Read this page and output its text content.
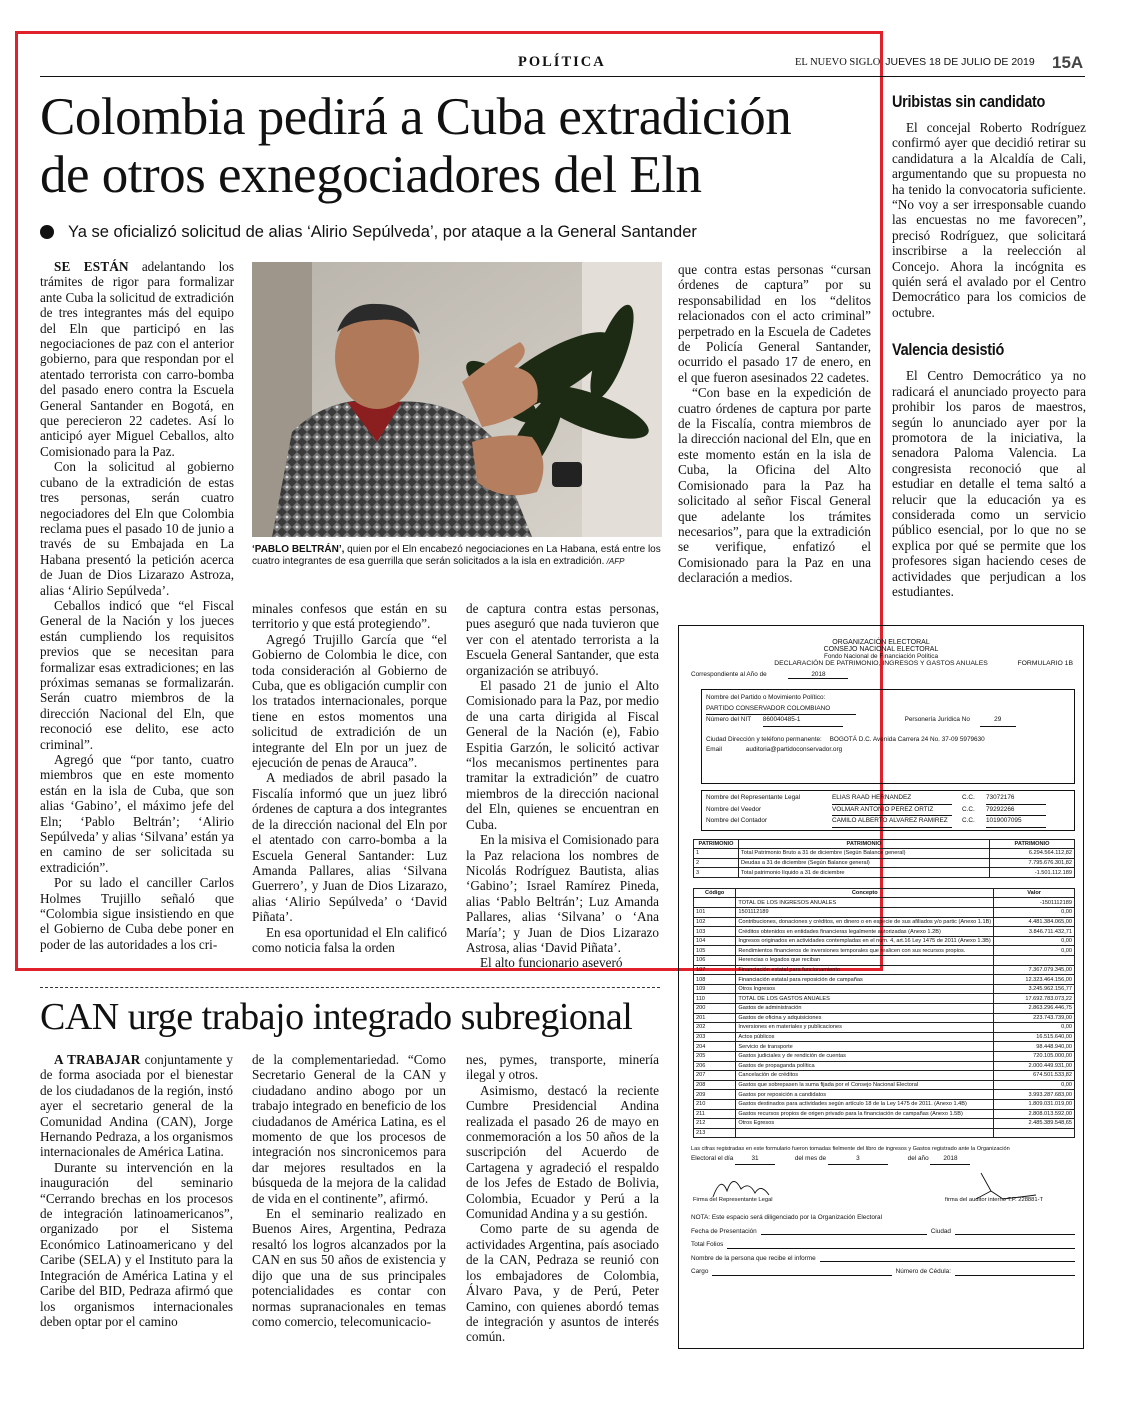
POLÍTICA	EL NUEVO SIGLO JUEVES 18 DE JULIO DE 2019 15A
Colombia pedirá a Cuba extradición
de otros exnegociadores del Eln
Ya se oficializó solicitud de alias ‘Alirio Sepúlveda’, por ataque a la General Santander

SE ESTÁN adelantando los trámites de rigor para formalizar ante Cuba la solicitud de extradición de tres integrantes más del equipo del Eln que participó en las negociaciones de paz con el anterior gobierno, para que respondan por el atentado terrorista con carro-bomba del pasado enero contra la Escuela General Santander en Bogotá, en que perecieron 22 cadetes. Así lo anticipó ayer Miguel Ceballos, alto Comisionado para la Paz.

Con la solicitud al gobierno cubano de la extradición de estas tres personas, serán cuatro negociadores del Eln que Colombia reclama pues el pasado 10 de junio a través de su Embajada en La Habana presentó la petición acerca de Juan de Dios Lizarazo Astroza, alias ‘Alirio Sepúlveda’.

Ceballos indicó que “el Fiscal General de la Nación y los jueces están cumpliendo los requisitos previos que se necesitan para formalizar esas extradiciones; en las próximas semanas se formalizarán. Serán cuatro miembros de la dirección Nacional del Eln, que reconoció ese delito, ese acto criminal”.

Agregó que “por tanto, cuatro miembros que en este momento están en la isla de Cuba, que son alias ‘Gabino’, el máximo jefe del Eln; ‘Pablo Beltrán’; ‘Alirio Sepúlveda’ y alias ‘Silvana’ están ya en camino de ser solicitada su extradición”.

Por su lado el canciller Carlos Holmes Trujillo señaló que “Colombia sigue insistiendo en que el Gobierno de Cuba debe poner en poder de las autoridades a los cri-

‘PABLO BELTRÁN’, quien por el Eln encabezó negociaciones en La Habana, está entre los cuatro integrantes de esa guerrilla que serán solicitados a la isla en extradición. /AFP

minales confesos que están en su territorio y que está protegiendo”.

Agregó Trujillo García que “el Gobierno de Colombia le dice, con toda consideración al Gobierno de Cuba, que es obligación cumplir con los tratados internacionales, porque tiene en estos momentos una solicitud de extradición de un integrante del Eln por un juez de ejecución de penas de Arauca”.

A mediados de abril pasado la Fiscalía informó que un juez libró órdenes de captura a dos integrantes de la dirección nacional del Eln por el atentado con carro-bomba a la Escuela General Santander: Luz Amanda Pallares, alias ‘Silvana Guerrero’, y Juan de Dios Lizarazo, alias ‘Alirio Sepúlveda’ o ‘David Piñata’.

En esa oportunidad el Eln calificó como noticia falsa la orden

de captura contra estas personas, pues aseguró que nada tuvieron que ver con el atentado terrorista a la Escuela General Santander, que esta organización se atribuyó.

El pasado 21 de junio el Alto Comisionado para la Paz, por medio de una carta dirigida al Fiscal General de la Nación (e), Fabio Espitia Garzón, le solicitó activar “los mecanismos pertinentes para tramitar la extradición” de cuatro miembros de la dirección nacional del Eln, quienes se encuentran en Cuba.

En la misiva el Comisionado para la Paz relaciona los nombres de Nicolás Rodríguez Bautista, alias ‘Gabino’; Israel Ramírez Pineda, alias ‘Pablo Beltrán’; Luz Amanda Pallares, alias ‘Silvana’ o ‘Ana María’; y Juan de Dios Lizarazo Astrosa, alias ‘David Piñata’.

El alto funcionario aseveró

que contra estas personas “cursan órdenes de captura” por su responsabilidad en los “delitos relacionados con el acto criminal” perpetrado en la Escuela de Cadetes de Policía General Santander, ocurrido el pasado 17 de enero, en el que fueron asesinados 22 cadetes.

“Con base en la expedición de cuatro órdenes de captura por parte de la Fiscalía, contra miembros de la dirección nacional del Eln, que en este momento están en la isla de Cuba, la Oficina del Alto Comisionado para la Paz ha solicitado al señor Fiscal General que adelante los trámites necesarios”, para que la extradición se verifique, enfatizó el Comisionado para la Paz en una declaración a medios.

Uribistas sin candidato

El concejal Roberto Rodríguez confirmó ayer que decidió retirar su candidatura a la Alcaldía de Cali, argumentando que su propuesta no ha tenido la convocatoria suficiente. “No voy a ser irresponsable cuando las encuestas no me favorecen”, precisó Rodríguez, que solicitará inscribirse a la reelección al Concejo. Ahora la incógnita es quién será el avalado por el Centro Democrático para los comicios de octubre.

Valencia desistió

El Centro Democrático ya no radicará el anunciado proyecto para prohibir los paros de maestros, según lo anunciado ayer por la promotora de la iniciativa, la senadora Paloma Valencia. La congresista reconoció que al estudiar en detalle el tema saltó a relucir que la educación ya es considerada como un servicio público esencial, por lo que no se explica por qué se permite que los profesores sigan haciendo ceses de actividades que perjudican a los estudiantes.

CAN urge trabajo integrado subregional

A TRABAJAR conjuntamente y de forma asociada por el bienestar de los ciudadanos de la región, instó ayer el secretario general de la Comunidad Andina (CAN), Jorge Hernando Pedraza, a los organismos internacionales de América Latina.

Durante su intervención en la inauguración del seminario “Cerrando brechas en los procesos de integración latinoamericanos”, organizado por el Sistema Económico Latinoamericano y del Caribe (SELA) y el Instituto para la Integración de América Latina y el Caribe del BID, Pedraza afirmó que los organismos internacionales deben optar por el camino

de la complementariedad. “Como Secretario General de la CAN y ciudadano andino abogo por un trabajo integrado en beneficio de los ciudadanos de América Latina, es el momento de que los procesos de integración nos sincronicemos para dar mejores resultados en la búsqueda de la mejora de la calidad de vida en el continente”, afirmó.

En el seminario realizado en Buenos Aires, Argentina, Pedraza resaltó los logros alcanzados por la CAN en sus 50 años de existencia y dijo que una de sus principales potencialidades es contar con normas supranacionales en temas como comercio, telecomunicacio-

nes, pymes, transporte, minería ilegal y otros.

Asimismo, destacó la reciente Cumbre Presidencial Andina realizada el pasado 26 de mayo en conmemoración a los 50 años de la suscripción del Acuerdo de Cartagena y agradeció el respaldo de los Jefes de Estado de Bolivia, Colombia, Ecuador y Perú a la Comunidad Andina y a su gestión.

Como parte de su agenda de actividades Argentina, país asociado de la CAN, Pedraza se reunió con los embajadores de Colombia, Álvaro Pava, y de Perú, Peter Camino, con quienes abordó temas de integración y asuntos de interés común.

ORGANIZACIÓN ELECTORAL
CONSEJO NACIONAL ELECTORAL
Fondo Nacional de Financiación Política
DECLARACIÓN DE PATRIMONIO, INGRESOS Y GASTOS ANUALES	FORMULARIO 1B
Correspondiente al Año de	2018
Nombre del Partido o Movimiento Político:
PARTIDO CONSERVADOR COLOMBIANO
Número del NIT 860040485-1	Personería Jurídica No	29
Ciudad Dirección y teléfono permanente: BOGOTÁ D.C. Avenida Carrera 24 No. 37-09 5979630
Email	auditoria@partidoconservador.org
Nombre del Representante Legal	ELIAS RAAD HERNANDEZ	C.C.	73072176
Nombre del Veedor	VOLMAR ANTONIO PEREZ ORTIZ	C.C.	79292266
Nombre del Contador	CAMILO ALBERTO ALVAREZ RAMIREZ	C.C.	1019007095
PATRIMONIO	PATRIMONIO	PATRIMONIO
1	Total Patrimonio Bruto a 31 de diciembre (Según Balance general)	6.294.564.112,82
2	Deudas a 31 de diciembre (Según Balance general)	7.795.676.301,82
3	Total patrimonio líquido a 31 de diciembre	-1.501.112.189
Código	Concepto	Valor
	TOTAL DE LOS INGRESOS ANUALES	-1501112189
101	1501112189	0,00
102	Contribuciones, donaciones y créditos, en dinero o en especie de sus afiliados y/o partic (Anexo 1.1B)	4.481.384.065,00
103	Créditos obtenidos en entidades financieras legalmente autorizadas (Anexo 1.2B)	3.846.711.432,71
104	Ingresos originados en actividades contempladas en el num. 4, art.16 Ley 1475 de 2011 (Anexo 1.3B)	0,00
105	Rendimientos financieros de inversiones temporales que realicen con sus recursos propios.	0,00
106	Herencias o legados que reciban	
107	Financiación estatal para funcionamiento	7.367.079.345,00
108	Financiación estatal para reposición de campañas	12.323.464.156,00
109	Otros Ingresos	3.245.962.156,77
110	TOTAL DE LOS GASTOS ANUALES	17.692.783.073,22
200	Gastos de administración	2.863.296.446,75
201	Gastos de oficina y adquisiciones	223.743.739,00
202	Inversiones en materiales y publicaciones	0,00
203	Actos públicos	16.515.640,00
204	Servicio de transporte	98.448.940,00
205	Gastos judiciales y de rendición de cuentas	720.105.000,00
206	Gastos de propaganda política	2.000.449.931,00
207	Cancelación de créditos	674.501.533,82
208	Gastos que sobrepasen la suma fijada por el Consejo Nacional Electoral	0,00
209	Gastos por reposición a candidatos	3.993.287.683,00
210	Gastos destinados para actividades según artículo 18 de la Ley 1475 de 2011. (Anexo 1.4B)	1.809.031.019,00
211	Gastos recursos propios de origen privado para la financiación de campañas (Anexo 1.5B)	2.808.013.592,00
212	Otros Egresos	2.485.389.548,65
213		
Las cifras registradas en este formulario fueron tomadas fielmente del libro de ingresos y Gastos registrado ante la Organización
Electoral el día	31	del mes de	3	del año 2018
Firma del Representante Legal	firma del auditor interno T.P. 228881-T
NOTA: Este espacio será diligenciado por la Organización Electoral
Fecha de Presentación	Ciudad
Total Folios
Nombre de la persona que recibe el informe
Cargo	Número de Cédula:
